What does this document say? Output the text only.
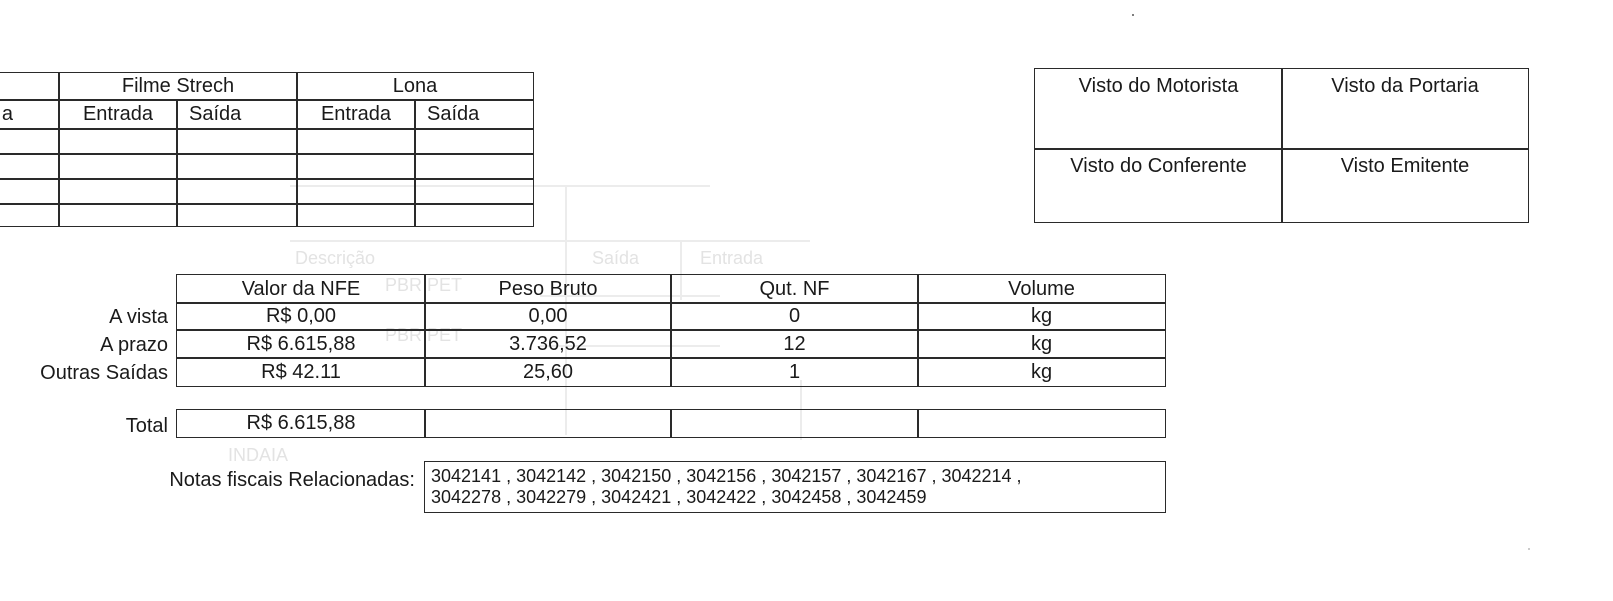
Descrição	Saída	Entrada
PBR PET
PBR PET
INDAIA
Filme Strech	Lona
a	Entrada	Saída	Entrada	Saída
Visto do Motorista	Visto da Portaria
Visto do Conferente	Visto Emitente
Valor da NFE	Peso Bruto	Qut. NF	Volume
A vista	R$ 0,00	0,00	0	kg
A prazo	R$ 6.615,88	3.736,52	12	kg
Outras Saídas	R$ 42.11	25,60	1	kg
Total	R$ 6.615,88
Notas fiscais Relacionadas: 3042141 , 3042142 , 3042150 , 3042156 , 3042157 , 3042167 , 3042214 ,
3042278 , 3042279 , 3042421 , 3042422 , 3042458 , 3042459
